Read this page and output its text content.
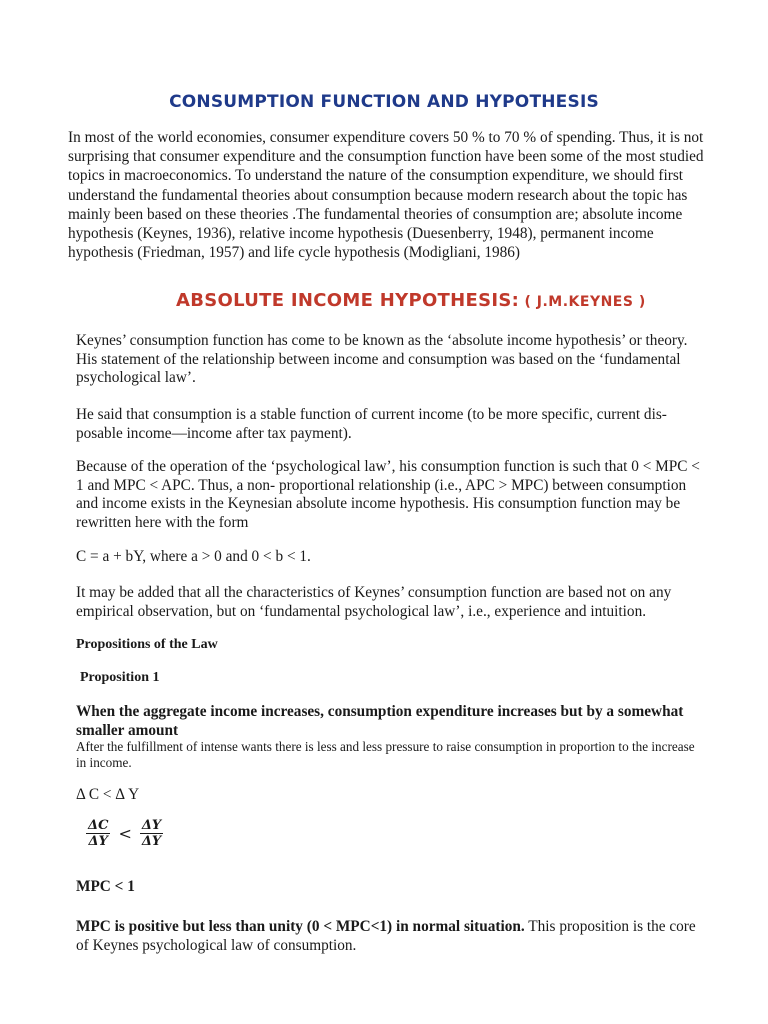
CONSUMPTION FUNCTION AND HYPOTHESIS

In most of the world economies, consumer expenditure covers 50 % to 70 % of spending. Thus, it is not surprising that consumer expenditure and the consumption function have been some of the most studied topics in macroeconomics. To understand the nature of the consumption expenditure, we should first understand the fundamental theories about consumption because modern research about the topic has mainly been based on these theories .The fundamental theories of consumption are; absolute income hypothesis (Keynes, 1936), relative income hypothesis (Duesenberry, 1948), permanent income hypothesis (Friedman, 1957) and life cycle hypothesis (Modigliani, 1986)

ABSOLUTE INCOME HYPOTHESIS: ( J.M.KEYNES )

Keynes’ consumption function has come to be known as the ‘absolute income hypothesis’ or theory. His statement of the relationship between income and consumption was based on the ‘fundamental psychological law’.

He said that consumption is a stable function of current income (to be more specific, current dis-posable income—income after tax payment).

Because of the operation of the ‘psychological law’, his consumption function is such that 0 < MPC < 1 and MPC < APC. Thus, a non- proportional relationship (i.e., APC > MPC) between consumption and income exists in the Keynesian absolute income hypothesis. His consumption function may be rewritten here with the form

C = a + bY, where a > 0 and 0 < b < 1.

It may be added that all the characteristics of Keynes’ consumption function are based not on any empirical observation, but on ‘fundamental psychological law’, i.e., experience and intuition.

Propositions of the Law

Proposition 1

When the aggregate income increases, consumption expenditure increases but by a somewhat smaller amount

After the fulfillment of intense wants there is less and less pressure to raise consumption in proportion to the increase in income.

Δ C < Δ Y

$\frac{\Delta C}{\Delta Y} < \frac{\Delta Y}{\Delta Y}$

MPC < 1

MPC is positive but less than unity (0 < MPC<1) in normal situation. This proposition is the core of Keynes psychological law of consumption.
